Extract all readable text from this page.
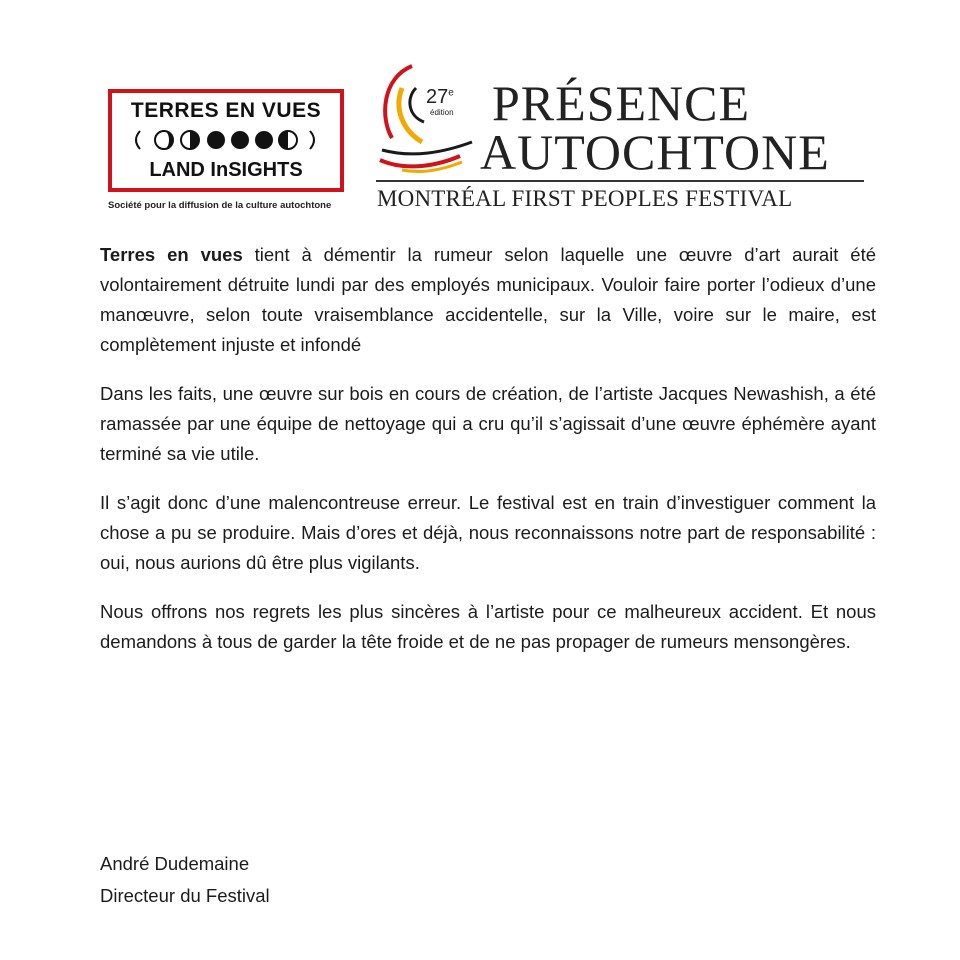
TERRES EN VUES
LAND InSIGHTS
Société pour la diffusion de la culture autochtone
27e
édition PRÉSENCE
AUTOCHTONE
MONTRÉAL FIRST PEOPLES FESTIVAL

Terres en vues tient à démentir la rumeur selon laquelle une œuvre d’art aurait été volontairement détruite lundi par des employés municipaux. Vouloir faire porter l’odieux d’une manœuvre, selon toute vraisemblance accidentelle, sur la Ville, voire sur le maire, est complètement injuste et infondé

Dans les faits, une œuvre sur bois en cours de création, de l’artiste Jacques Newashish, a été ramassée par une équipe de nettoyage qui a cru qu’il s’agissait d’une œuvre éphémère ayant terminé sa vie utile.

Il s’agit donc d’une malencontreuse erreur. Le festival est en train d’investiguer comment la chose a pu se produire. Mais d’ores et déjà, nous reconnaissons notre part de responsabilité : oui, nous aurions dû être plus vigilants.

Nous offrons nos regrets les plus sincères à l’artiste pour ce malheureux accident. Et nous demandons à tous de garder la tête froide et de ne pas propager de rumeurs mensongères.

André Dudemaine
Directeur du Festival
